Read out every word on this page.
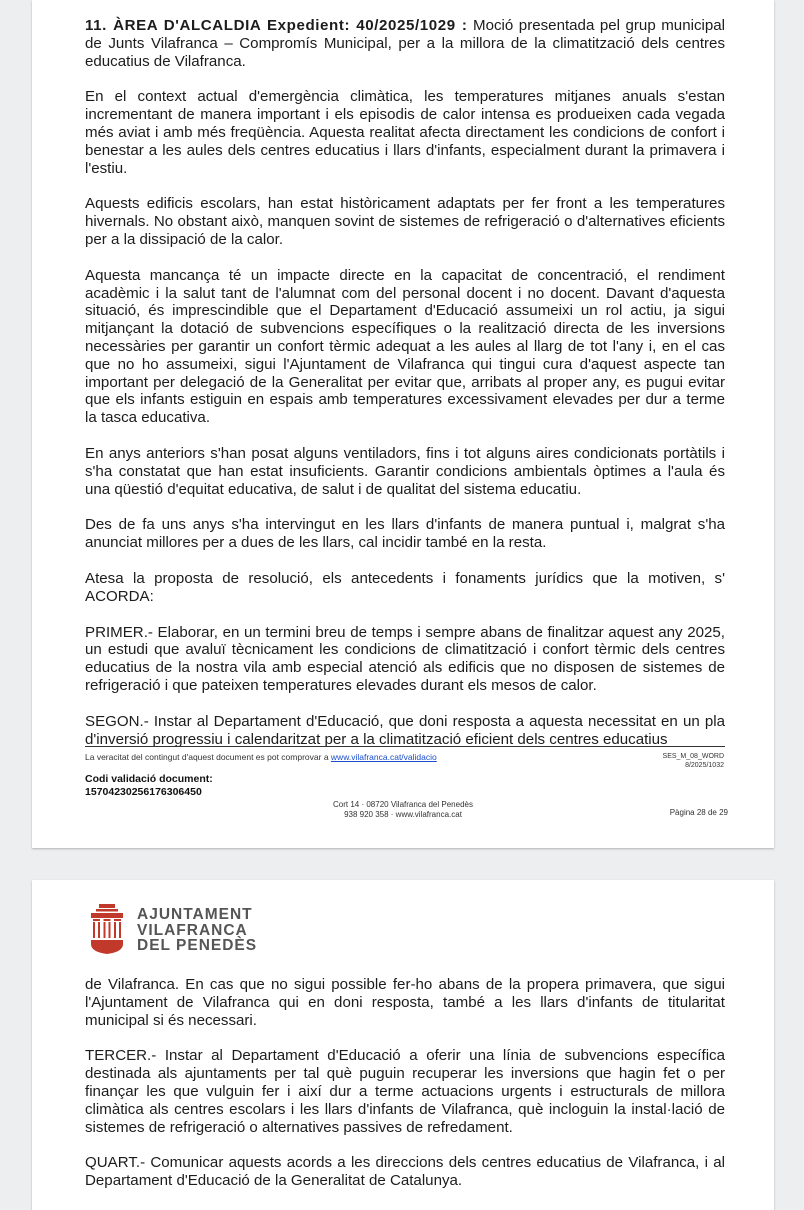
11. ÀREA D'ALCALDIA Expedient: 40/2025/1029 : Moció presentada pel grup municipal de Junts Vilafranca – Compromís Municipal, per a la millora de la climatització dels centres educatius de Vilafranca.

En el context actual d'emergència climàtica, les temperatures mitjanes anuals s'estan incrementant de manera important i els episodis de calor intensa es produeixen cada vegada més aviat i amb més freqüència. Aquesta realitat afecta directament les condicions de confort i benestar a les aules dels centres educatius i llars d'infants, especialment durant la primavera i l'estiu.

Aquests edificis escolars, han estat històricament adaptats per fer front a les temperatures hivernals. No obstant això, manquen sovint de sistemes de refrigeració o d'alternatives eficients per a la dissipació de la calor.

Aquesta mancança té un impacte directe en la capacitat de concentració, el rendiment acadèmic i la salut tant de l'alumnat com del personal docent i no docent. Davant d'aquesta situació, és imprescindible que el Departament d'Educació assumeixi un rol actiu, ja sigui mitjançant la dotació de subvencions específiques o la realització directa de les inversions necessàries per garantir un confort tèrmic adequat a les aules al llarg de tot l'any i, en el cas que no ho assumeixi, sigui l'Ajuntament de Vilafranca qui tingui cura d'aquest aspecte tan important per delegació de la Generalitat per evitar que, arribats al proper any, es pugui evitar que els infants estiguin en espais amb temperatures excessivament elevades per dur a terme la tasca educativa.

En anys anteriors s'han posat alguns ventiladors, fins i tot alguns aires condicionats portàtils i s'ha constatat que han estat insuficients. Garantir condicions ambientals òptimes a l'aula és una qüestió d'equitat educativa, de salut i de qualitat del sistema educatiu.

Des de fa uns anys s'ha intervingut en les llars d'infants de manera puntual i, malgrat s'ha anunciat millores per a dues de les llars, cal incidir també en la resta.

Atesa la proposta de resolució, els antecedents i fonaments jurídics que la motiven, s' ACORDA:

PRIMER.- Elaborar, en un termini breu de temps i sempre abans de finalitzar aquest any 2025, un estudi que avaluï tècnicament les condicions de climatització i confort tèrmic dels centres educatius de la nostra vila amb especial atenció als edificis que no disposen de sistemes de refrigeració i que pateixen temperatures elevades durant els mesos de calor.

SEGON.- Instar al Departament d'Educació, que doni resposta a aquesta necessitat en un pla d'inversió progressiu i calendaritzat per a la climatització eficient dels centres educatius

La veracitat del contingut d'aquest document es pot comprovar a www.vilafranca.cat/validacio	SES_M_08_WORD
8/2025/1032
Codi validació document:
15704230256176306450
Cort 14 · 08720 Vilafranca del Penedès
938 920 358 · www.vilafranca.cat	Pàgina 28 de 29
AJUNTAMENT
VILAFRANCA
DEL PENEDÈS

de Vilafranca. En cas que no sigui possible fer-ho abans de la propera primavera, que sigui l'Ajuntament de Vilafranca qui en doni resposta, també a les llars d'infants de titularitat municipal si és necessari.

TERCER.- Instar al Departament d'Educació a oferir una línia de subvencions específica destinada als ajuntaments per tal què puguin recuperar les inversions que hagin fet o per finançar les que vulguin fer i així dur a terme actuacions urgents i estructurals de millora climàtica als centres escolars i les llars d'infants de Vilafranca, què incloguin la instal·lació de sistemes de refrigeració o alternatives passives de refredament.

QUART.- Comunicar aquests acords a les direccions dels centres educatius de Vilafranca, i al Departament d'Educació de la Generalitat de Catalunya.
